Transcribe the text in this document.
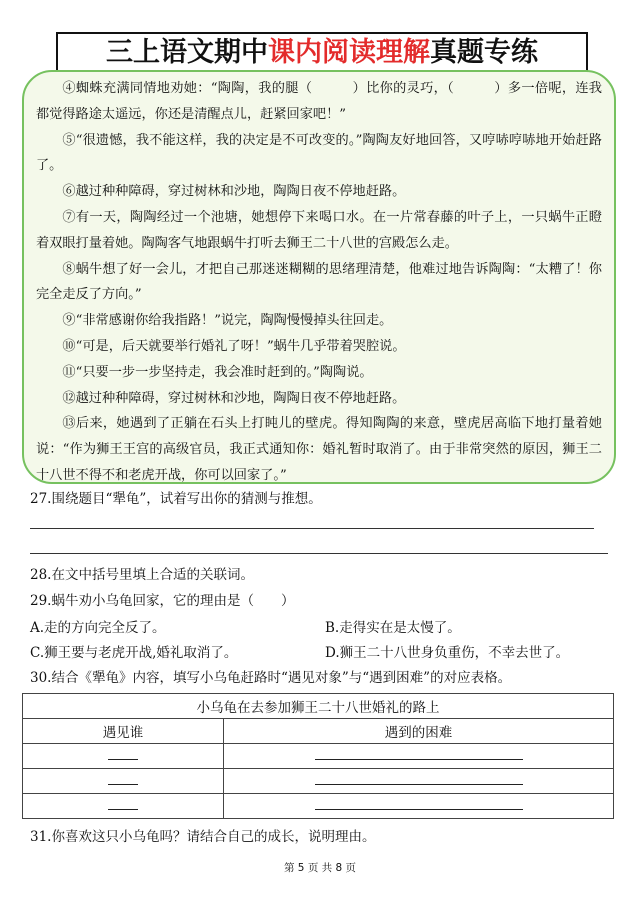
三上语文期中课内阅读理解真题专练

④蜘蛛充满同情地劝她：“陶陶，我的腿（　　　）比你的灵巧，（　　　）多一倍呢，连我都觉得路途太遥远，你还是清醒点儿，赶紧回家吧！”

⑤“很遗憾，我不能这样，我的决定是不可改变的。”陶陶友好地回答，又哼哧哼哧地开始赶路了。

⑥越过种种障碍，穿过树林和沙地，陶陶日夜不停地赶路。

⑦有一天，陶陶经过一个池塘，她想停下来喝口水。在一片常春藤的叶子上，一只蜗牛正瞪着双眼打量着她。陶陶客气地跟蜗牛打听去狮王二十八世的宫殿怎么走。

⑧蜗牛想了好一会儿，才把自己那迷迷糊糊的思绪理清楚，他难过地告诉陶陶：“太糟了！你完全走反了方向。”

⑨“非常感谢你给我指路！”说完，陶陶慢慢掉头往回走。

⑩“可是，后天就要举行婚礼了呀！”蜗牛几乎带着哭腔说。

⑪“只要一步一步坚持走，我会准时赶到的。”陶陶说。

⑫越过种种障碍，穿过树林和沙地，陶陶日夜不停地赶路。

⑬后来，她遇到了正躺在石头上打盹儿的壁虎。得知陶陶的来意，壁虎居高临下地打量着她说：“作为狮王王宫的高级官员，我正式通知你：婚礼暂时取消了。由于非常突然的原因，狮王二十八世不得不和老虎开战，你可以回家了。”

27.围绕题目“犟龟”，试着写出你的猜测与推想。
28.在文中括号里填上合适的关联词。
29.蜗牛劝小乌龟回家，它的理由是（　　）
A.走的方向完全反了。	B.走得实在是太慢了。
C.狮王要与老虎开战,婚礼取消了。	D.狮王二十八世身负重伤，不幸去世了。
30.结合《犟龟》内容，填写小乌龟赶路时“遇见对象”与“遇到困难”的对应表格。
小乌龟在去参加狮王二十八世婚礼的路上	
遇见谁	遇到的困难

31.你喜欢这只小乌龟吗？请结合自己的成长，说明理由。
第 5 页 共 8 页
